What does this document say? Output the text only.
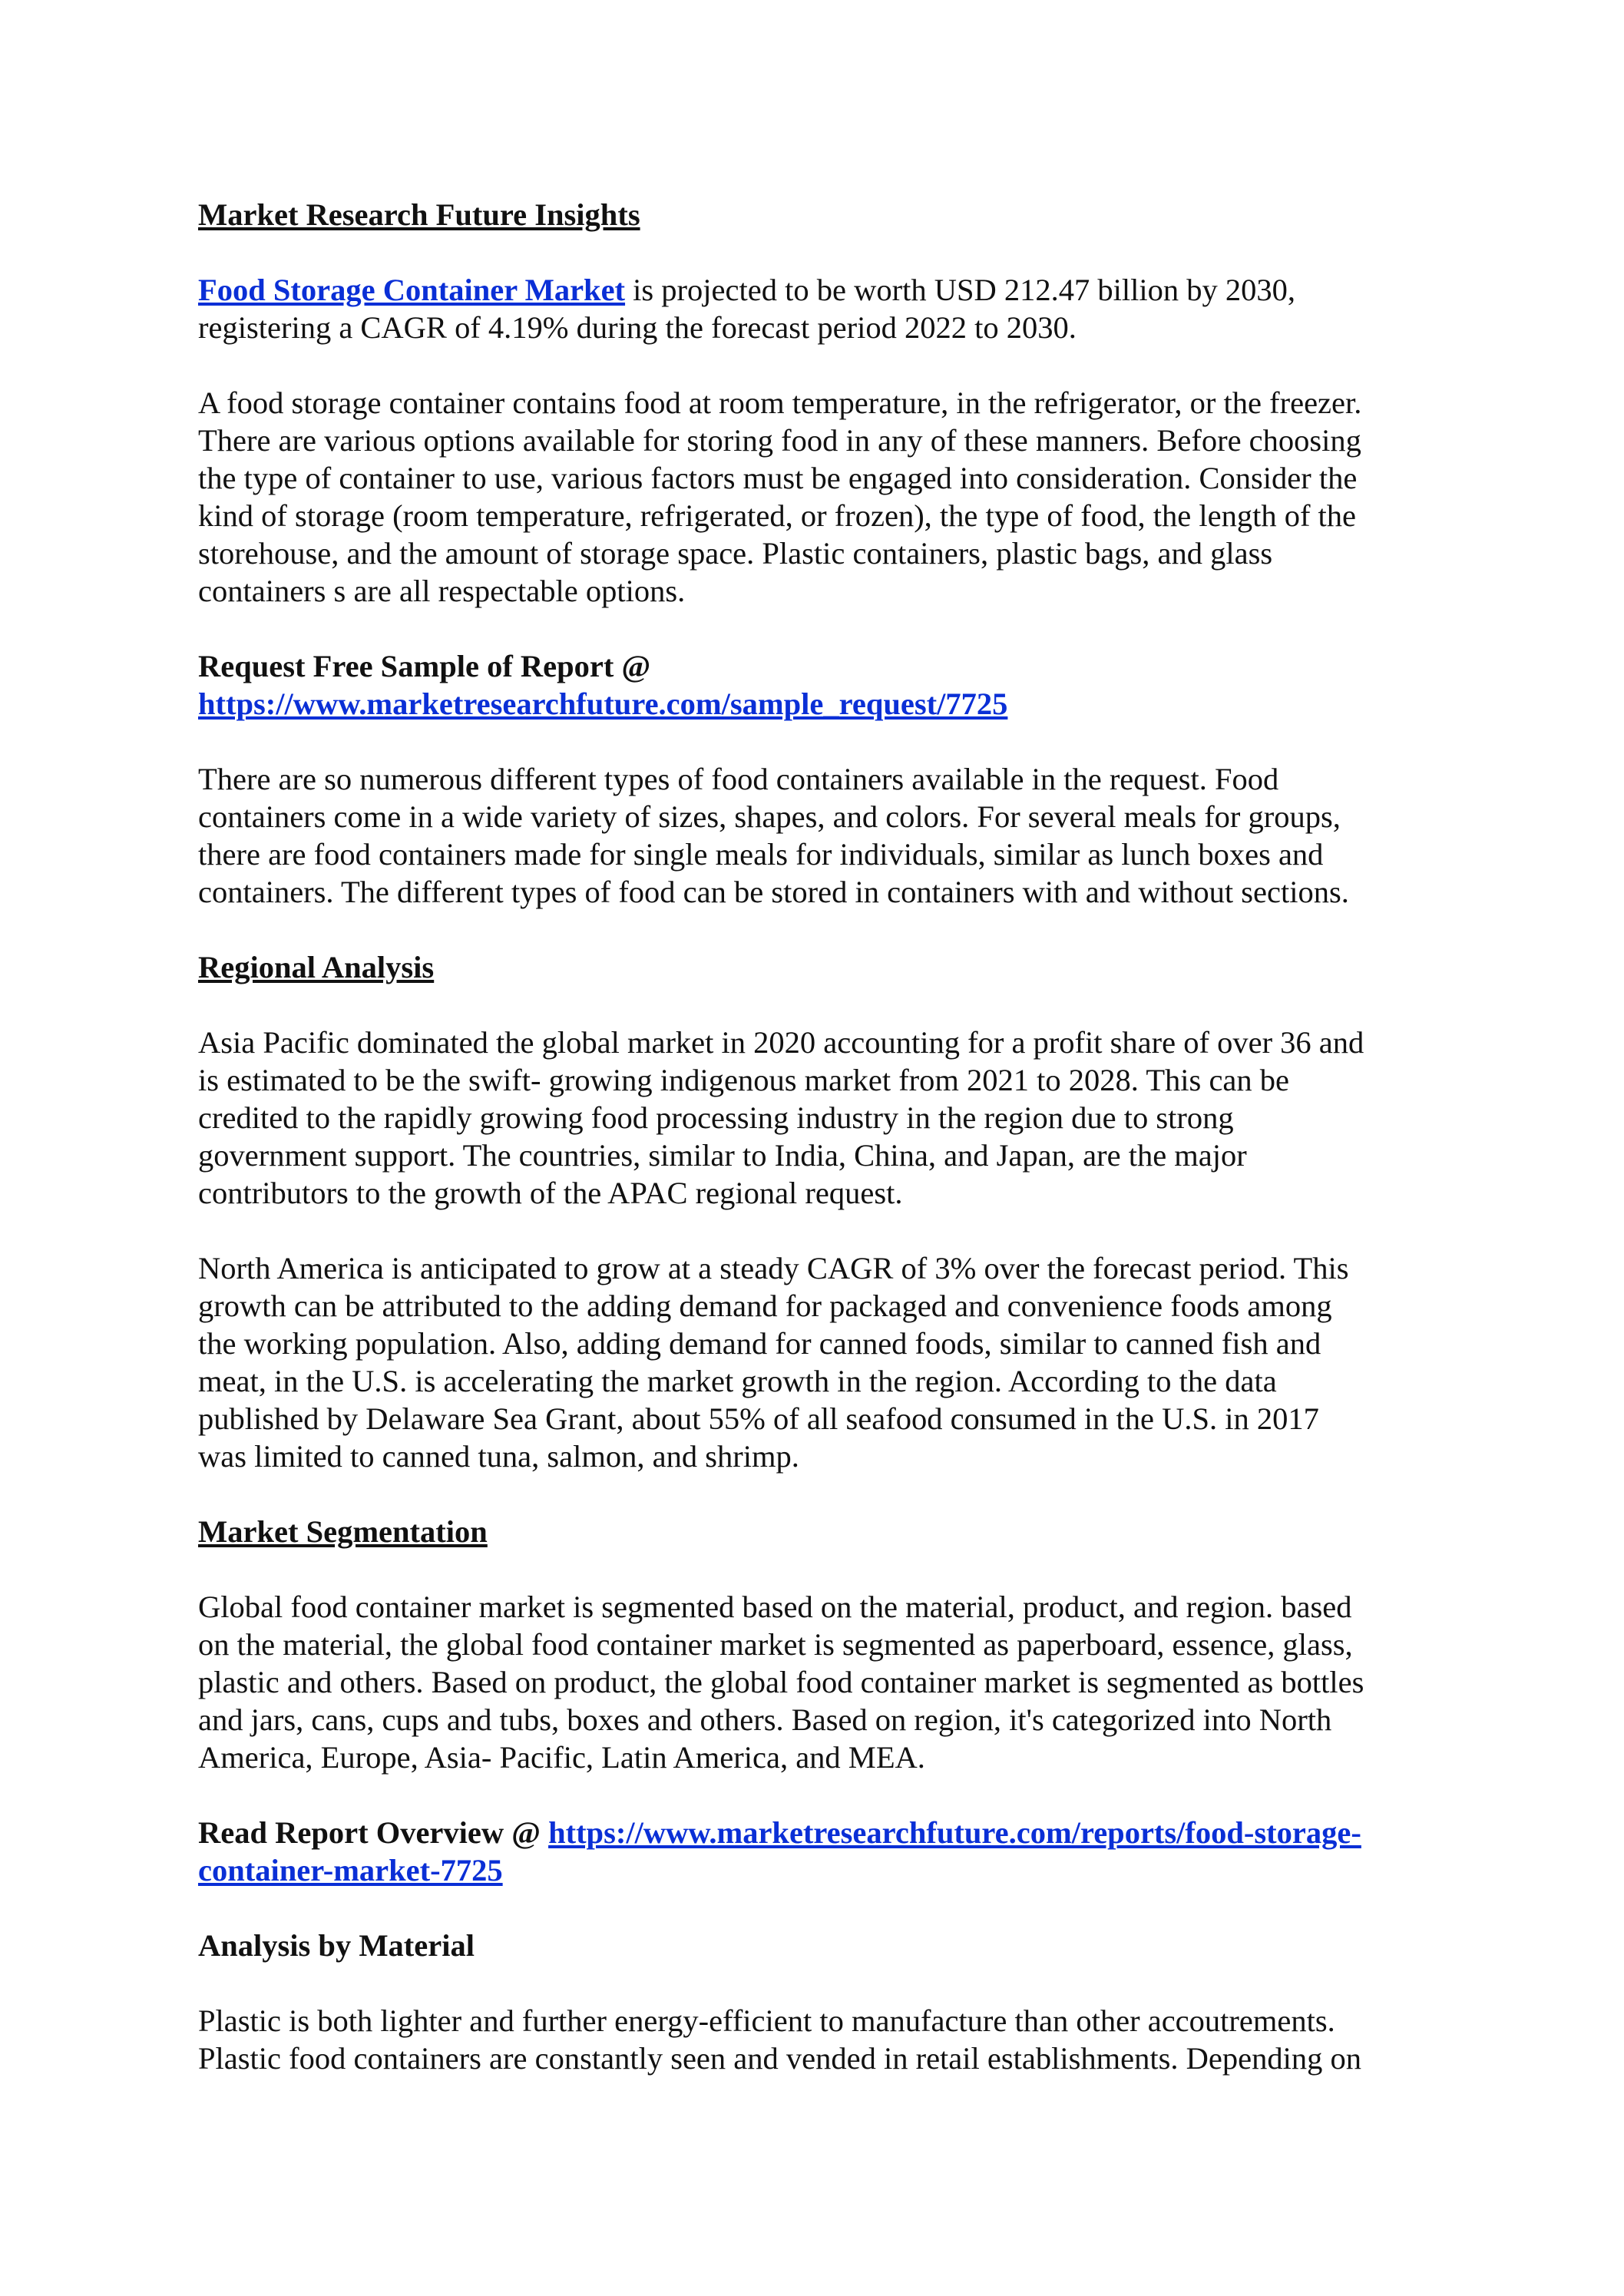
Market Research Future Insights
Food Storage Container Market is projected to be worth USD 212.47 billion by 2030,
registering a CAGR of 4.19% during the forecast period 2022 to 2030.
A food storage container contains food at room temperature, in the refrigerator, or the freezer.
There are various options available for storing food in any of these manners. Before choosing
the type of container to use, various factors must be engaged into consideration. Consider the
kind of storage (room temperature, refrigerated, or frozen), the type of food, the length of the
storehouse, and the amount of storage space. Plastic containers, plastic bags, and glass
containers s are all respectable options.
Request Free Sample of Report @
https://www.marketresearchfuture.com/sample_request/7725
There are so numerous different types of food containers available in the request. Food
containers come in a wide variety of sizes, shapes, and colors. For several meals for groups,
there are food containers made for single meals for individuals, similar as lunch boxes and
containers. The different types of food can be stored in containers with and without sections.
Regional Analysis
Asia Pacific dominated the global market in 2020 accounting for a profit share of over 36 and
is estimated to be the swift- growing indigenous market from 2021 to 2028. This can be
credited to the rapidly growing food processing industry in the region due to strong
government support. The countries, similar to India, China, and Japan, are the major
contributors to the growth of the APAC regional request.
North America is anticipated to grow at a steady CAGR of 3% over the forecast period. This
growth can be attributed to the adding demand for packaged and convenience foods among
the working population. Also, adding demand for canned foods, similar to canned fish and
meat, in the U.S. is accelerating the market growth in the region. According to the data
published by Delaware Sea Grant, about 55% of all seafood consumed in the U.S. in 2017
was limited to canned tuna, salmon, and shrimp.
Market Segmentation
Global food container market is segmented based on the material, product, and region. based
on the material, the global food container market is segmented as paperboard, essence, glass,
plastic and others. Based on product, the global food container market is segmented as bottles
and jars, cans, cups and tubs, boxes and others. Based on region, it's categorized into North
America, Europe, Asia- Pacific, Latin America, and MEA.
Read Report Overview @ https://www.marketresearchfuture.com/reports/food-storage-
container-market-7725
Analysis by Material
Plastic is both lighter and further energy-efficient to manufacture than other accoutrements.
Plastic food containers are constantly seen and vended in retail establishments. Depending on
